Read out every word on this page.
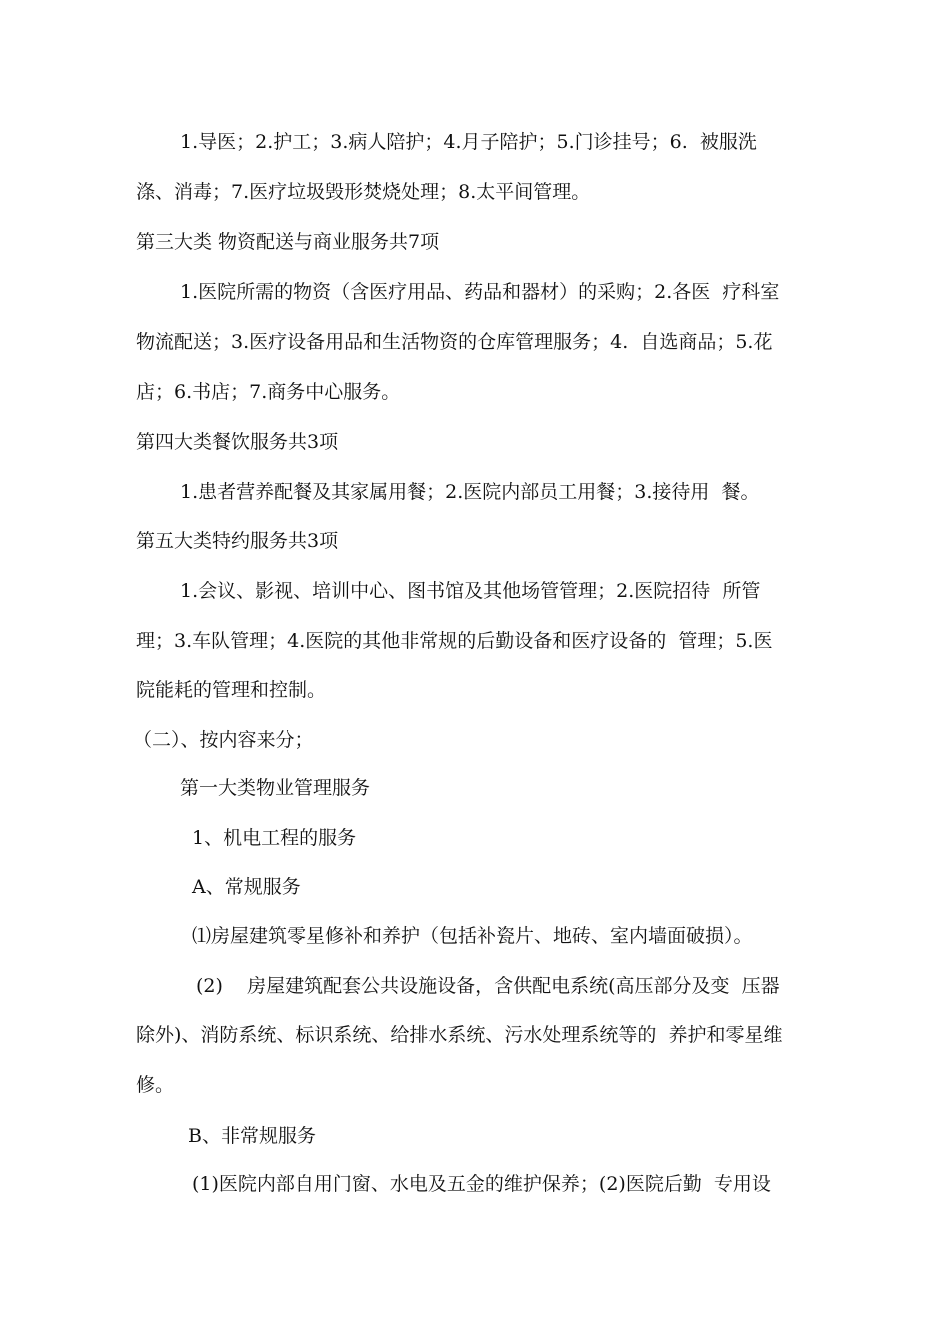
1.导医；2.护工；3.病人陪护；4.月子陪护；5.门诊挂号；6.  被服洗
涤、消毒；7.医疗垃圾毁形焚烧处理；8.太平间管理。
第三大类 物资配送与商业服务共7项
1.医院所需的物资（含医疗用品、药品和器材）的采购；2.各医  疗科室
物流配送；3.医疗设备用品和生活物资的仓库管理服务；4.  自选商品；5.花
店；6.书店；7.商务中心服务。
第四大类餐饮服务共3项
1.患者营养配餐及其家属用餐；2.医院内部员工用餐；3.接待用  餐。
第五大类特约服务共3项
1.会议、影视、培训中心、图书馆及其他场管管理；2.医院招待  所管
理；3.车队管理；4.医院的其他非常规的后勤设备和医疗设备的  管理；5.医
院能耗的管理和控制。
（二）、按内容来分；
第一大类物业管理服务
1、机电工程的服务
A、常规服务
⑴房屋建筑零星修补和养护（包括补瓷片、地砖、室内墙面破损）。
(2)    房屋建筑配套公共设施设备，含供配电系统(高压部分及变  压器
除外)、消防系统、标识系统、给排水系统、污水处理系统等的  养护和零星维
修。
B、非常规服务
(1)医院内部自用门窗、水电及五金的维护保养；(2)医院后勤  专用设
